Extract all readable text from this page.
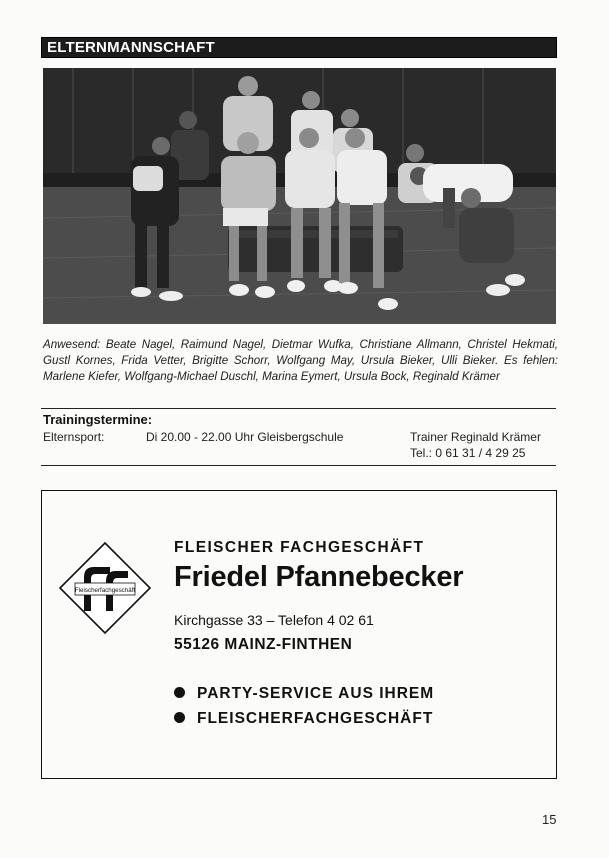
ELTERNMANNSCHAFT
Anwesend: Beate Nagel, Raimund Nagel, Dietmar Wufka, Christiane Allmann, Christel Hekmati, Gustl Kornes, Frida Vetter, Brigitte Schorr, Wolfgang May, Ursula Bieker, Ulli Bieker. Es fehlen: Marlene Kiefer, Wolfgang-Michael Duschl, Marina Eymert, Ursula Bock, Reginald Krämer
Trainingstermine:
Elternsport:	Di 20.00 - 22.00 Uhr Gleisbergschule	Trainer Reginald Krämer
Tel.: 0 61 31 / 4 29 25
Fleischerfachgeschäft
FLEISCHER FACHGESCHÄFT
Friedel Pfannebecker
Kirchgasse 33 – Telefon 4 02 61
55126 MAINZ-FINTHEN
PARTY-SERVICE AUS IHREM
FLEISCHERFACHGESCHÄFT
15
